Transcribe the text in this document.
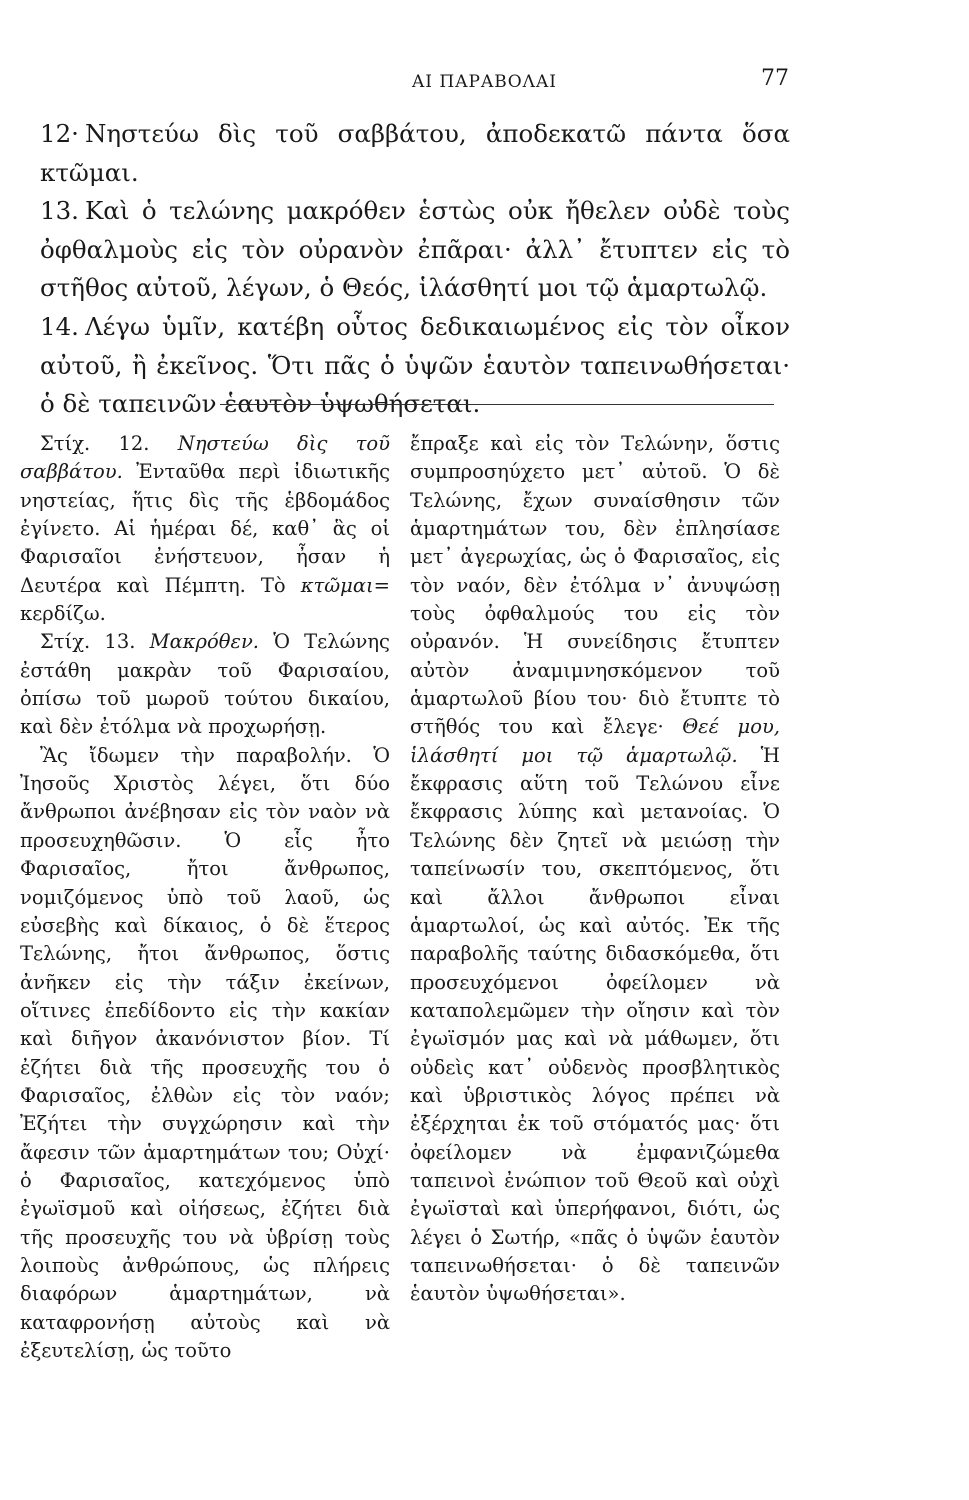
ΑΙ ΠΑΡΑΒΟΛΑΙ	77

12· Νηστεύω δὶς τοῦ σαββάτου, ἀποδεκατῶ πάντα ὅσα κτῶμαι.

13. Καὶ ὁ τελώνης μακρόθεν ἑστὼς οὐκ ἤθελεν οὐδὲ τοὺς ὀφθαλμοὺς εἰς τὸν οὐρανὸν ἐπᾶραι· ἀλλ᾽ ἔτυπτεν εἰς τὸ στῆθος αὐτοῦ, λέγων, ὁ Θεός, ἱλάσθητί μοι τῷ ἁμαρτωλῷ.

14. Λέγω ὑμῖν, κατέβη οὗτος δεδικαιωμένος εἰς τὸν οἶκον αὐτοῦ, ἢ ἐκεῖνος. Ὅτι πᾶς ὁ ὑψῶν ἑαυτὸν ταπεινωθήσεται· ὁ δὲ ταπεινῶν ἑαυτὸν ὑψωθήσεται.

Στίχ. 12. Νηστεύω δὶς τοῦ σαββάτου. Ἐνταῦθα περὶ ἰδιωτικῆς νηστείας, ἥτις δὶς τῆς ἑβδομάδος ἐγίνετο. Αἱ ἡμέραι δέ, καθ᾽ ἃς οἱ Φαρισαῖοι ἐνήστευον, ἦσαν ἡ Δευτέρα καὶ Πέμπτη. Τὸ κτῶμαι= κερδίζω.

Στίχ. 13. Μακρόθεν. Ὁ Τελώνης ἐστάθη μακρὰν τοῦ Φαρισαίου, ὀπίσω τοῦ μωροῦ τούτου δικαίου, καὶ δὲν ἐτόλμα νὰ προχωρήσῃ.

Ἂς ἴδωμεν τὴν παραβολήν. Ὁ Ἰησοῦς Χριστὸς λέγει, ὅτι δύο ἄνθρωποι ἀνέβησαν εἰς τὸν ναὸν νὰ προσευχηθῶσιν. Ὁ εἷς ἦτο Φαρισαῖος, ἤτοι ἄνθρωπος, νομιζόμενος ὑπὸ τοῦ λαοῦ, ὡς εὐσεβὴς καὶ δίκαιος, ὁ δὲ ἕτερος Τελώνης, ἤτοι ἄνθρωπος, ὅστις ἀνῆκεν εἰς τὴν τάξιν ἐκείνων, οἵτινες ἐπεδίδοντο εἰς τὴν κακίαν καὶ διῆγον ἀκανόνιστον βίον. Τί ἐζήτει διὰ τῆς προσευχῆς του ὁ Φαρισαῖος, ἐλθὼν εἰς τὸν ναόν; Ἐζήτει τὴν συγχώρησιν καὶ τὴν ἄφεσιν τῶν ἁμαρτημάτων του; Οὐχί· ὁ Φαρισαῖος, κατεχόμενος ὑπὸ ἐγωϊσμοῦ καὶ οἰήσεως, ἐζήτει διὰ τῆς προσευχῆς του νὰ ὑβρίσῃ τοὺς λοιποὺς ἀνθρώπους, ὡς πλήρεις διαφόρων ἁμαρτημάτων, νὰ καταφρονήσῃ αὐτοὺς καὶ νὰ ἐξευτελίσῃ, ὡς τοῦτο

ἔπραξε καὶ εἰς τὸν Τελώνην, ὅστις συμπροσηύχετο μετ᾽ αὐτοῦ. Ὁ δὲ Τελώνης, ἔχων συναίσθησιν τῶν ἁμαρτημάτων του, δὲν ἐπλησίασε μετ᾽ ἀγερωχίας, ὡς ὁ Φαρισαῖος, εἰς τὸν ναόν, δὲν ἐτόλμα ν᾽ ἀνυψώσῃ τοὺς ὀφθαλμούς του εἰς τὸν οὐρανόν. Ἡ συνείδησις ἔτυπτεν αὐτὸν ἀναμιμνησκόμενον τοῦ ἁμαρτωλοῦ βίου του· διὸ ἔτυπτε τὸ στῆθός του καὶ ἔλεγε· Θεέ μου, ἱλάσθητί μοι τῷ ἁμαρτωλῷ. Ἡ ἔκφρασις αὕτη τοῦ Τελώνου εἶνε ἔκφρασις λύπης καὶ μετανοίας. Ὁ Τελώνης δὲν ζητεῖ νὰ μειώσῃ τὴν ταπείνωσίν του, σκεπτόμενος, ὅτι καὶ ἄλλοι ἄνθρωποι εἶναι ἁμαρτωλοί, ὡς καὶ αὐτός. Ἐκ τῆς παραβολῆς ταύτης διδασκόμεθα, ὅτι προσευχόμενοι ὀφείλομεν νὰ καταπολεμῶμεν τὴν οἴησιν καὶ τὸν ἐγωϊσμόν μας καὶ νὰ μάθωμεν, ὅτι οὐδεὶς κατ᾽ οὐδενὸς προσβλητικὸς καὶ ὑβριστικὸς λόγος πρέπει νὰ ἐξέρχηται ἐκ τοῦ στόματός μας· ὅτι ὀφείλομεν νὰ ἐμφανιζώμεθα ταπεινοὶ ἐνώπιον τοῦ Θεοῦ καὶ οὐχὶ ἐγωϊσταὶ καὶ ὑπερήφανοι, διότι, ὡς λέγει ὁ Σωτήρ, «πᾶς ὁ ὑψῶν ἑαυτὸν ταπεινωθήσεται· ὁ δὲ ταπεινῶν ἑαυτὸν ὑψωθήσεται».
